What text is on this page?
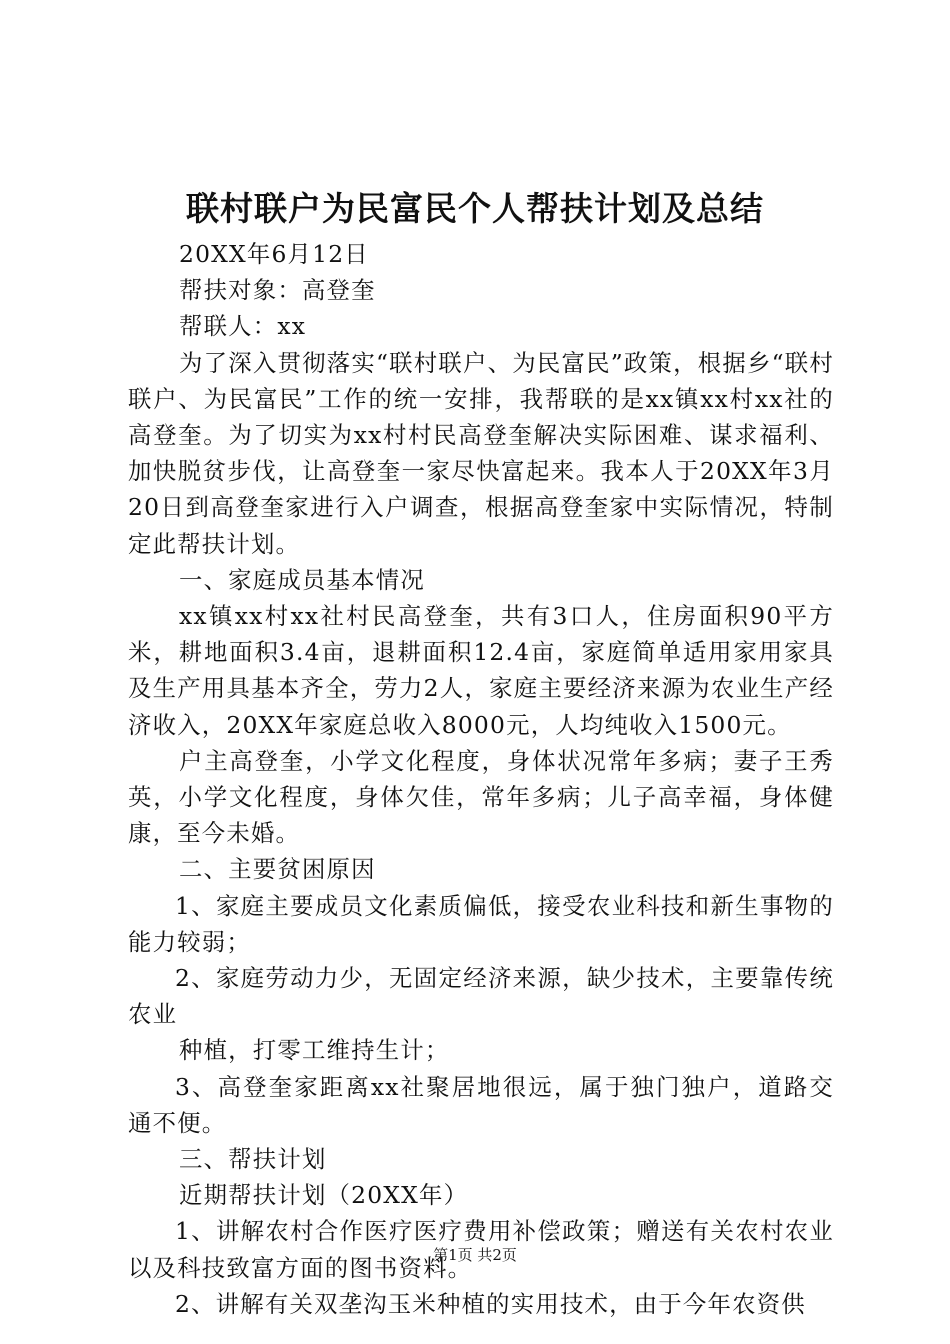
联村联户为民富民个人帮扶计划及总结

20XX年6月12日

帮扶对象：高登奎

帮联人：xx

为了深入贯彻落实“联村联户、为民富民”政策，根据乡“联村联户、为民富民”工作的统一安排，我帮联的是xx镇xx村xx社的高登奎。为了切实为xx村村民高登奎解决实际困难、谋求福利、加快脱贫步伐，让高登奎一家尽快富起来。我本人于20XX年3月20日到高登奎家进行入户调查，根据高登奎家中实际情况，特制定此帮扶计划。

一、家庭成员基本情况

xx镇xx村xx社村民高登奎，共有3口人，住房面积90平方米，耕地面积3.4亩，退耕面积12.4亩，家庭简单适用家用家具及生产用具基本齐全，劳力2人，家庭主要经济来源为农业生产经济收入，20XX年家庭总收入8000元，人均纯收入1500元。

户主高登奎，小学文化程度，身体状况常年多病；妻子王秀英，小学文化程度，身体欠佳，常年多病；儿子高幸福，身体健康，至今未婚。

二、主要贫困原因

1、家庭主要成员文化素质偏低，接受农业科技和新生事物的能力较弱；

2、家庭劳动力少，无固定经济来源，缺少技术，主要靠传统农业

种植，打零工维持生计；

3、高登奎家距离xx社聚居地很远，属于独门独户，道路交通不便。

三、帮扶计划

近期帮扶计划（20XX年）

1、讲解农村合作医疗医疗费用补偿政策；赠送有关农村农业以及科技致富方面的图书资料。

2、讲解有关双垄沟玉米种植的实用技术，由于今年农资供

第1页 共2页
